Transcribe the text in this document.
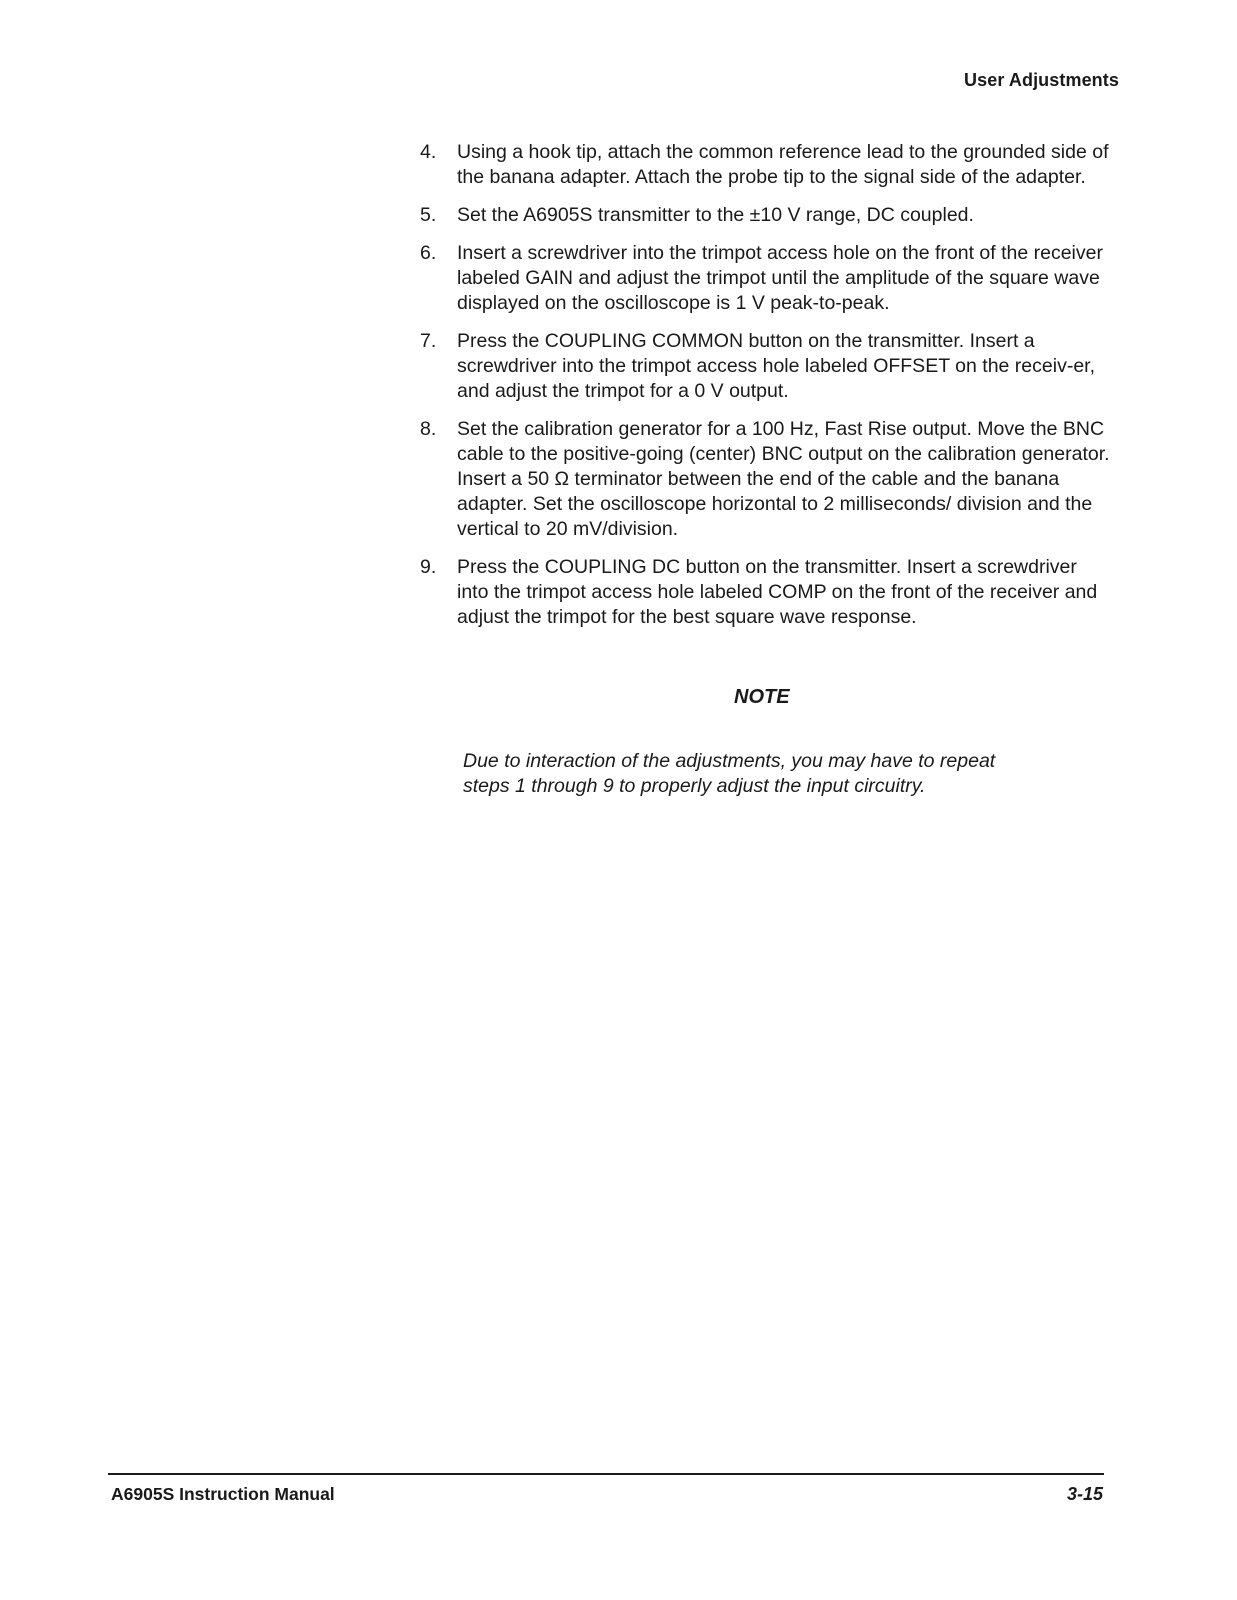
User Adjustments
4.	Using a hook tip, attach the common reference lead to the grounded side of the banana adapter. Attach the probe tip to the signal side of the adapter.
5.	Set the A6905S transmitter to the ±10 V range, DC coupled.
6.	Insert a screwdriver into the trimpot access hole on the front of the receiver labeled GAIN and adjust the trimpot until the amplitude of the square wave displayed on the oscilloscope is 1 V peak-to-peak.
7.	Press the COUPLING COMMON button on the transmitter. Insert a screwdriver into the trimpot access hole labeled OFFSET on the receiv-er, and adjust the trimpot for a 0 V output.
8.	Set the calibration generator for a 100 Hz, Fast Rise output. Move the BNC cable to the positive-going (center) BNC output on the calibration generator. Insert a 50 Ω terminator between the end of the cable and the banana adapter. Set the oscilloscope horizontal to 2 milliseconds/ division and the vertical to 20 mV/division.
9.	Press the COUPLING DC button on the transmitter. Insert a screwdriver into the trimpot access hole labeled COMP on the front of the receiver and adjust the trimpot for the best square wave response.
NOTE
Due to interaction of the adjustments, you may have to repeat steps 1 through 9 to properly adjust the input circuitry.
A6905S Instruction Manual	3-15
